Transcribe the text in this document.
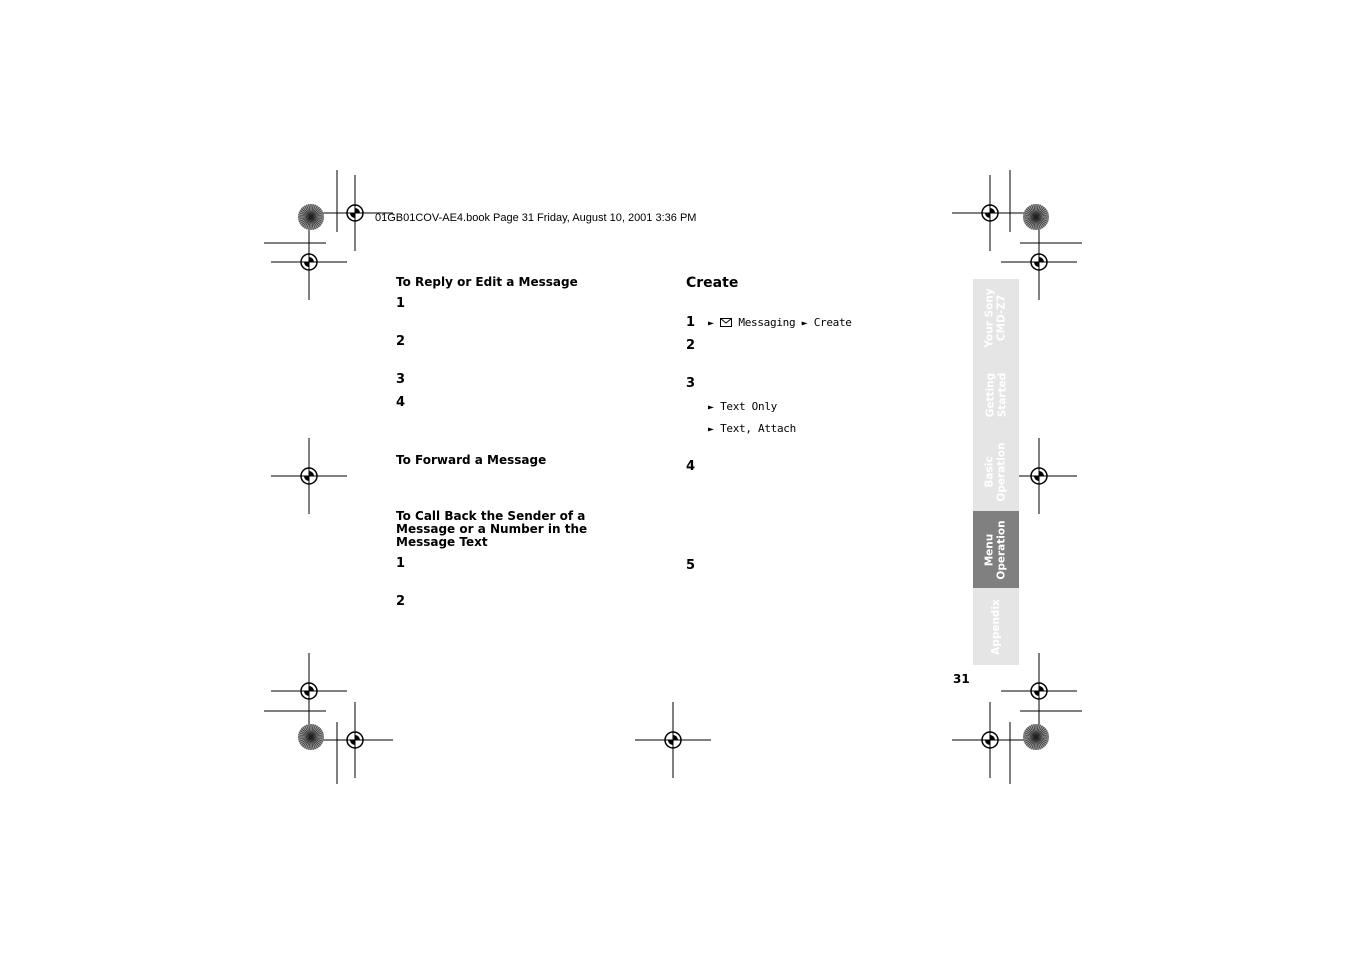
01GB01COV-AE4.book Page 31 Friday, August 10, 2001 3:36 PM
To Reply or Edit a Message
1
2
3
4
To Forward a Message
To Call Back the Sender of a
Message or a Number in the
Message Text
1
2
Create
1 ► Messaging ► Create
2
3
► Text Only
► Text, Attach
4
5
Your Sony
CMD-Z7
Getting
Started
Basic
Operation
Menu
Operation
Appendix
31
